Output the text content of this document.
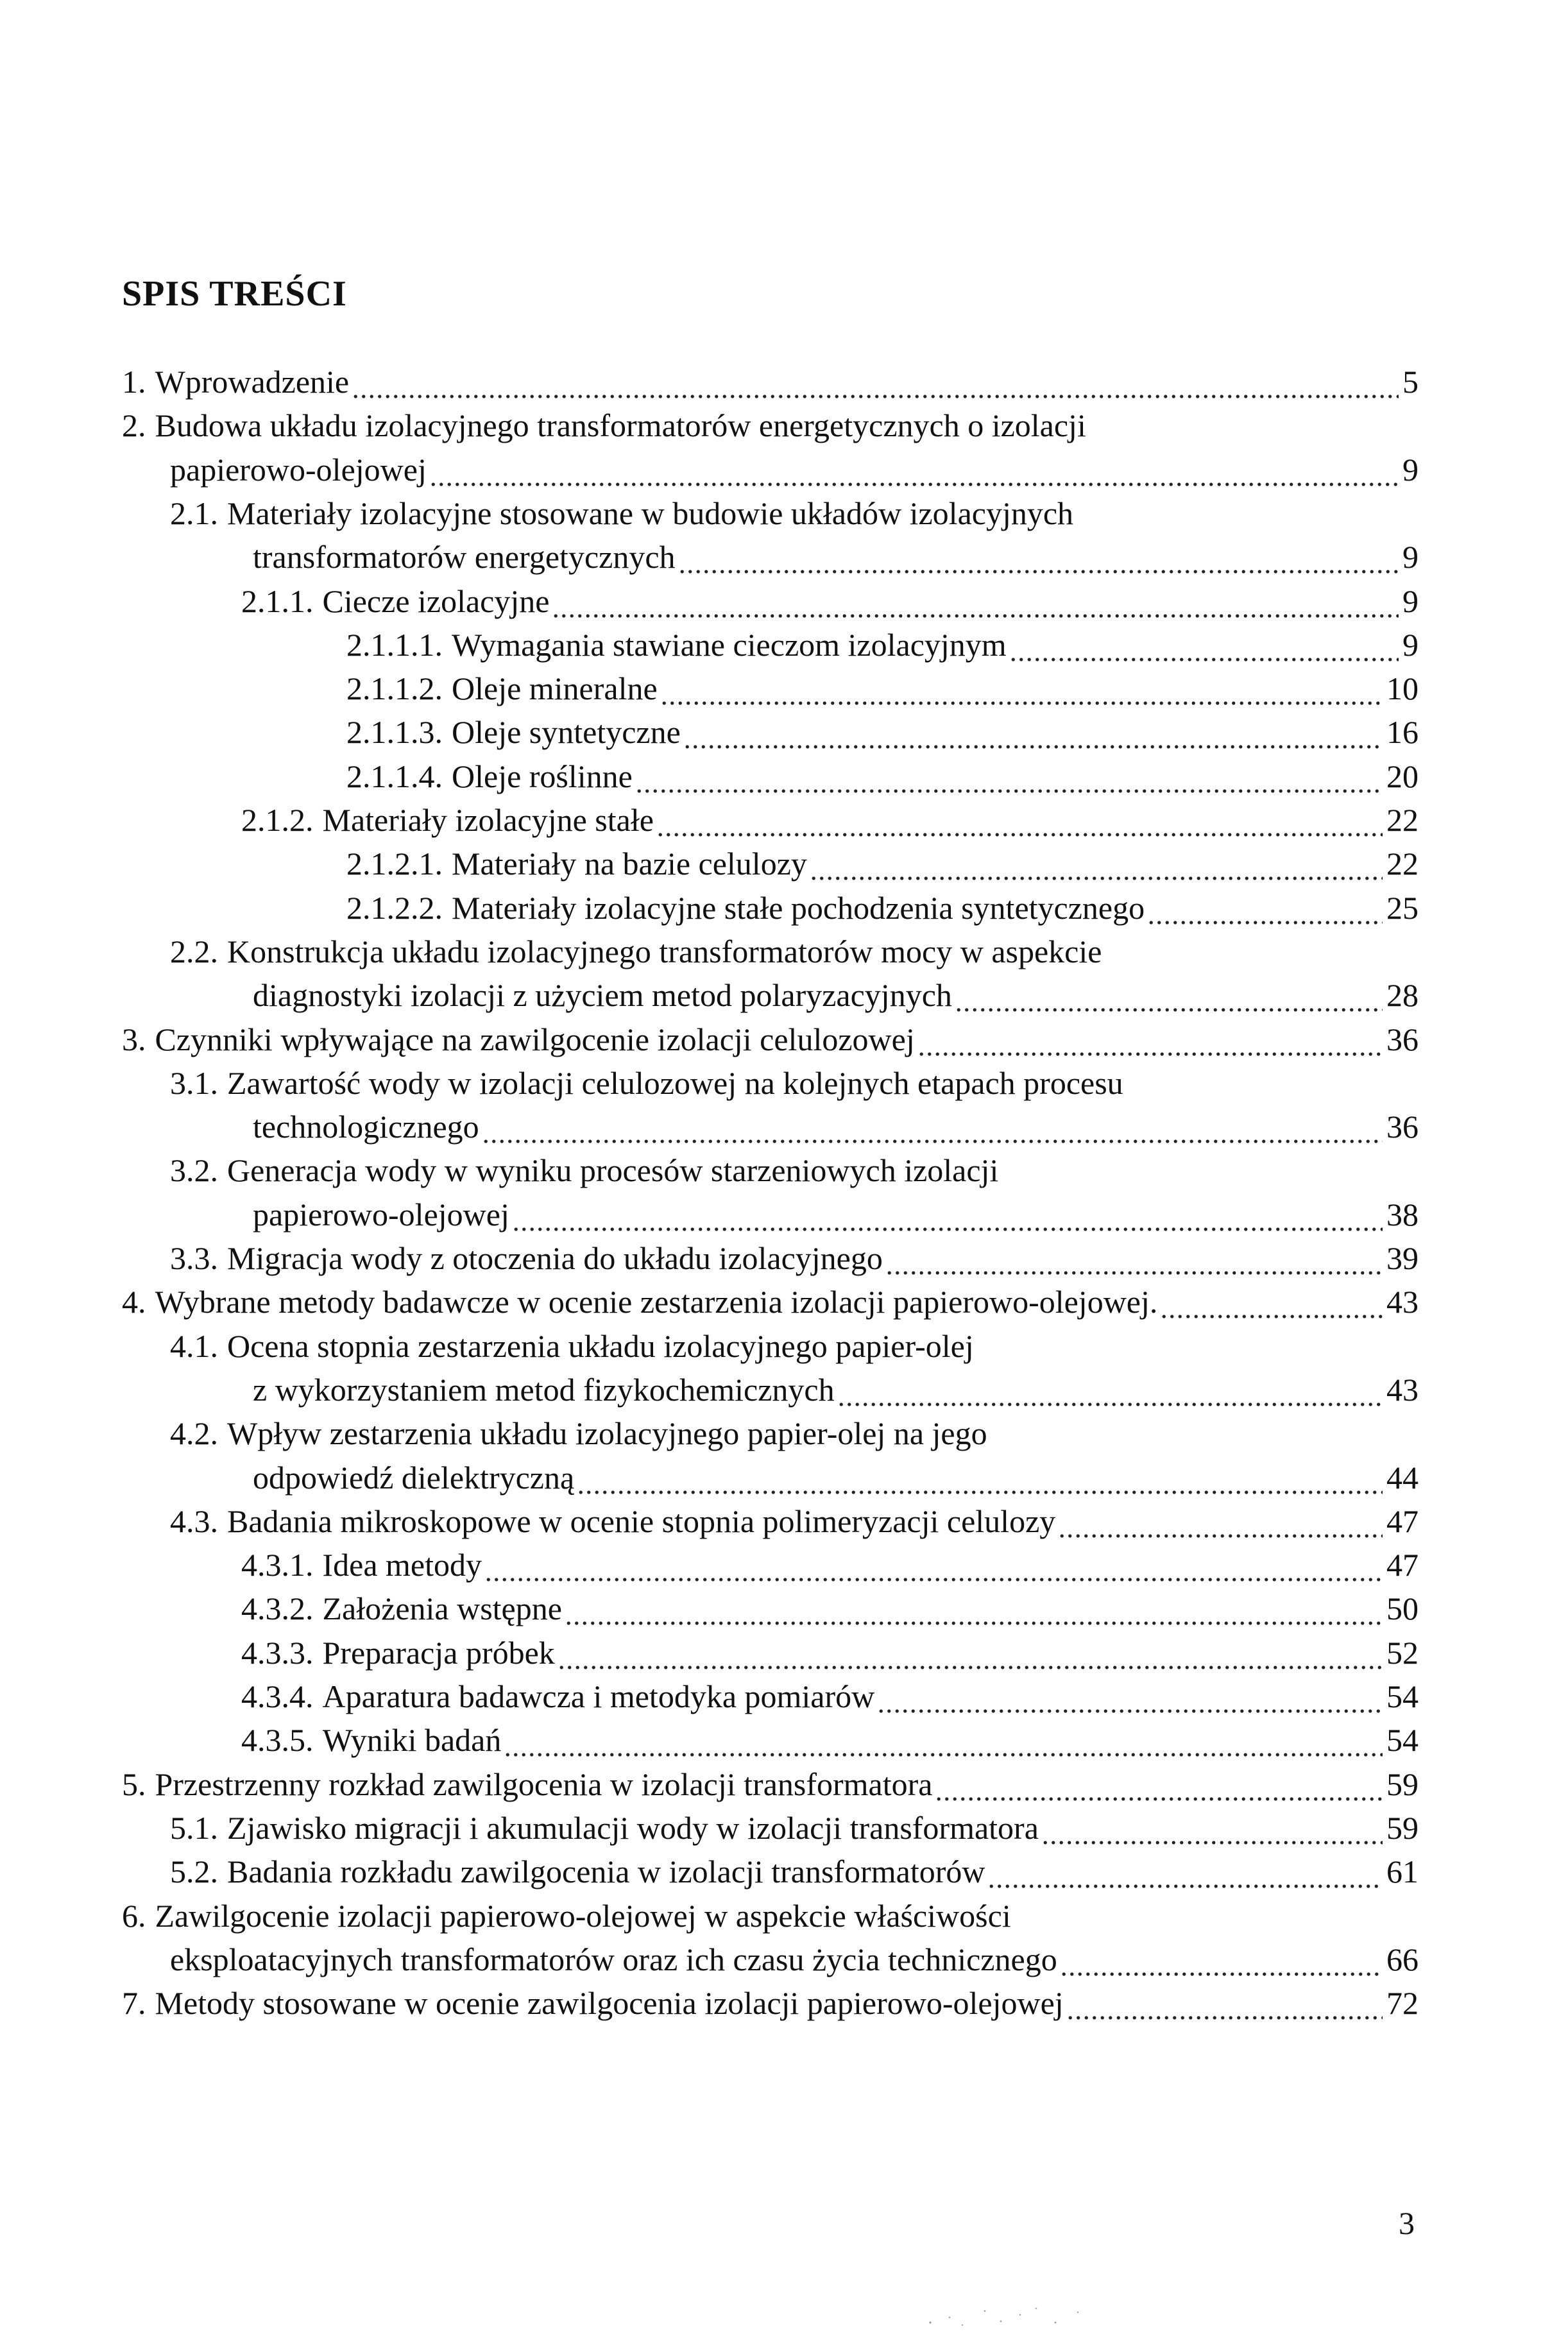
SPIS TREŚCI
1. Wprowadzenie	5
2. Budowa układu izolacyjnego transformatorów energetycznych o izolacji
papierowo-olejowej	9
2.1. Materiały izolacyjne stosowane w budowie układów izolacyjnych
transformatorów energetycznych	9
2.1.1. Ciecze izolacyjne	9
2.1.1.1. Wymagania stawiane cieczom izolacyjnym	9
2.1.1.2. Oleje mineralne	10
2.1.1.3. Oleje syntetyczne	16
2.1.1.4. Oleje roślinne	20
2.1.2. Materiały izolacyjne stałe	22
2.1.2.1. Materiały na bazie celulozy	22
2.1.2.2. Materiały izolacyjne stałe pochodzenia syntetycznego	25
2.2. Konstrukcja układu izolacyjnego transformatorów mocy w aspekcie
diagnostyki izolacji z użyciem metod polaryzacyjnych	28
3. Czynniki wpływające na zawilgocenie izolacji celulozowej	36
3.1. Zawartość wody w izolacji celulozowej na kolejnych etapach procesu
technologicznego	36
3.2. Generacja wody w wyniku procesów starzeniowych izolacji
papierowo-olejowej	38
3.3. Migracja wody z otoczenia do układu izolacyjnego	39
4. Wybrane metody badawcze w ocenie zestarzenia izolacji papierowo-olejowej.	43
4.1. Ocena stopnia zestarzenia układu izolacyjnego papier-olej
z wykorzystaniem metod fizykochemicznych	43
4.2. Wpływ zestarzenia układu izolacyjnego papier-olej na jego
odpowiedź dielektryczną	44
4.3. Badania mikroskopowe w ocenie stopnia polimeryzacji celulozy	47
4.3.1. Idea metody	47
4.3.2. Założenia wstępne	50
4.3.3. Preparacja próbek	52
4.3.4. Aparatura badawcza i metodyka pomiarów	54
4.3.5. Wyniki badań	54
5. Przestrzenny rozkład zawilgocenia w izolacji transformatora	59
5.1. Zjawisko migracji i akumulacji wody w izolacji transformatora	59
5.2. Badania rozkładu zawilgocenia w izolacji transformatorów	61
6. Zawilgocenie izolacji papierowo-olejowej w aspekcie właściwości
eksploatacyjnych transformatorów oraz ich czasu życia technicznego	66
7. Metody stosowane w ocenie zawilgocenia izolacji papierowo-olejowej	72
3
